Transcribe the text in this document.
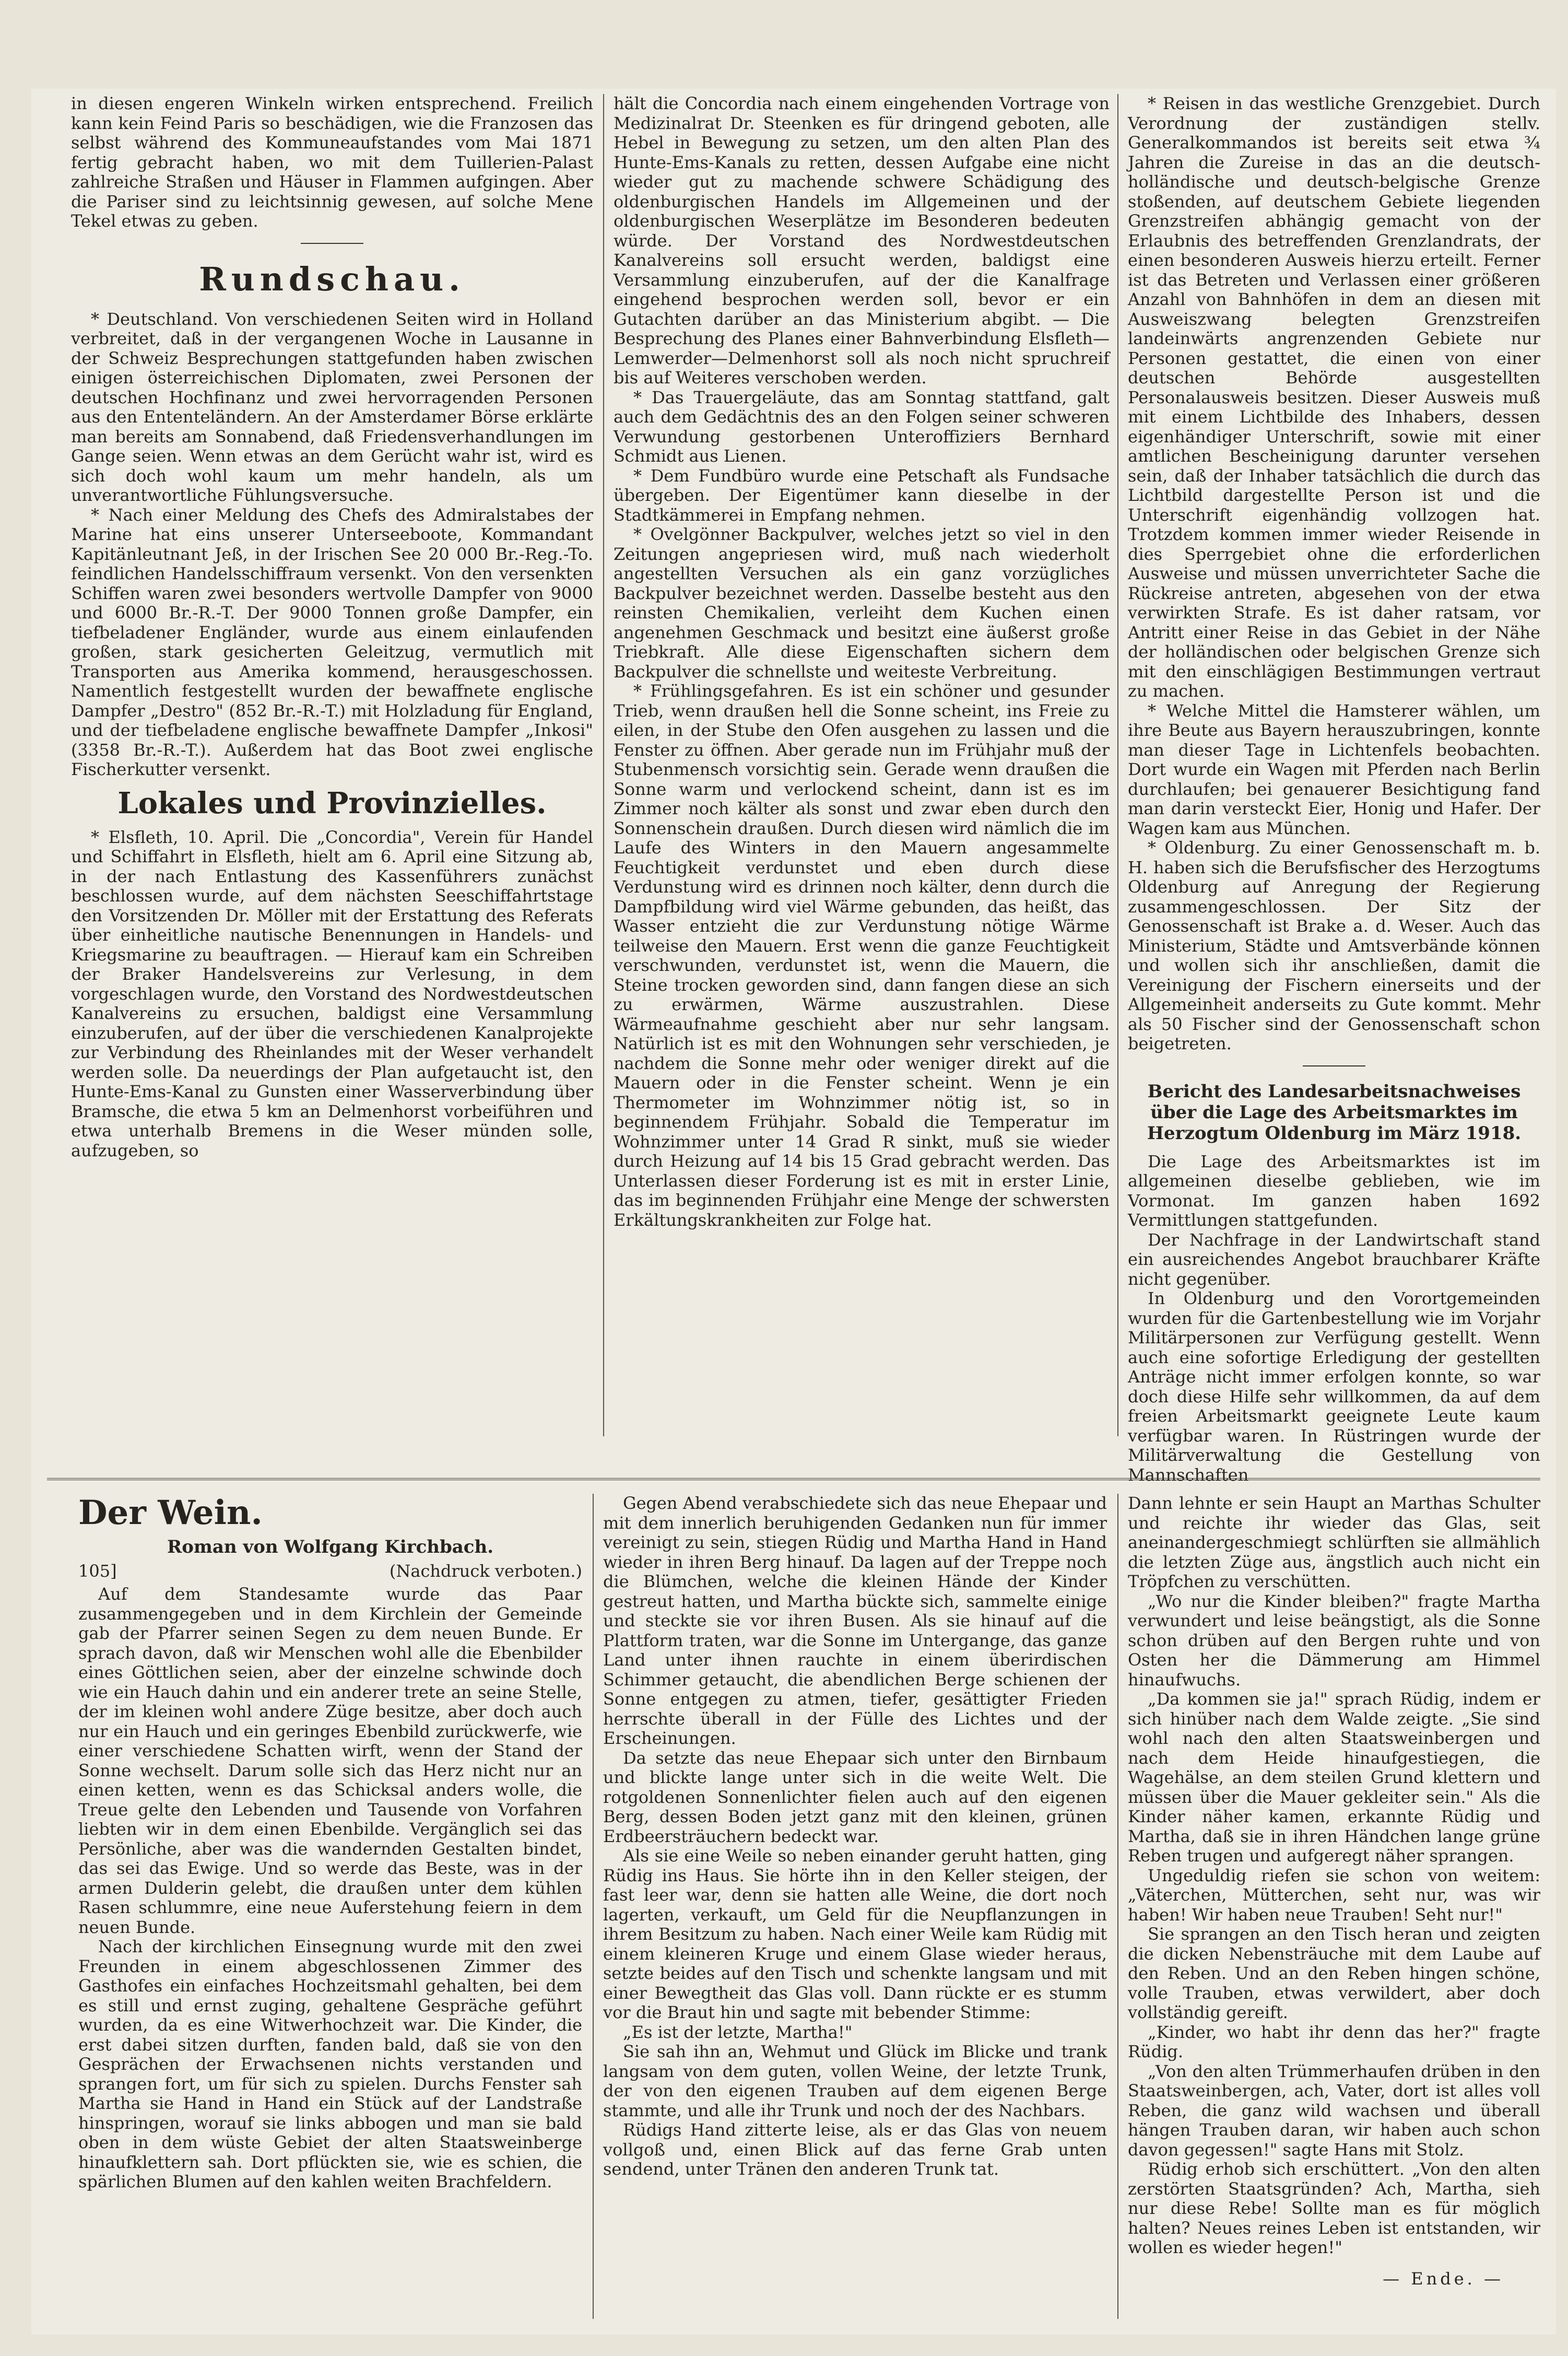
in diesen engeren Winkeln wirken entsprechend. Freilich kann kein Feind Paris so beschädigen, wie die Franzosen das selbst während des Kommuneaufstandes vom Mai 1871 fertig gebracht haben, wo mit dem Tuillerien-Palast zahlreiche Straßen und Häuser in Flammen aufgingen. Aber die Pariser sind zu leichtsinnig gewesen, auf solche Mene Tekel etwas zu geben.

Rundschau.

* Deutschland. Von verschiedenen Seiten wird in Holland verbreitet, daß in der vergangenen Woche in Lausanne in der Schweiz Besprechungen stattgefunden haben zwischen einigen österreichischen Diplomaten, zwei Personen der deutschen Hochfinanz und zwei hervorragenden Personen aus den Ententeländern. An der Amsterdamer Börse erklärte man bereits am Sonnabend, daß Friedensverhandlungen im Gange seien. Wenn etwas an dem Gerücht wahr ist, wird es sich doch wohl kaum um mehr handeln, als um unverantwortliche Fühlungsversuche.

* Nach einer Meldung des Chefs des Admiralstabes der Marine hat eins unserer Unterseeboote, Kommandant Kapitänleutnant Jeß, in der Irischen See 20 000 Br.-Reg.-To. feindlichen Handelsschiffraum versenkt. Von den versenkten Schiffen waren zwei besonders wertvolle Dampfer von 9000 und 6000 Br.-R.-T. Der 9000 Tonnen große Dampfer, ein tiefbeladener Engländer, wurde aus einem einlaufenden großen, stark gesicherten Geleitzug, vermutlich mit Transporten aus Amerika kommend, herausgeschossen. Namentlich festgestellt wurden der bewaffnete englische Dampfer „Destro" (852 Br.-R.-T.) mit Holzladung für England, und der tiefbeladene englische bewaffnete Dampfer „Inkosi" (3358 Br.-R.-T.). Außerdem hat das Boot zwei englische Fischerkutter versenkt.

Lokales und Provinzielles.

* Elsfleth, 10. April. Die „Concordia", Verein für Handel und Schiffahrt in Elsfleth, hielt am 6. April eine Sitzung ab, in der nach Entlastung des Kassenführers zunächst beschlossen wurde, auf dem nächsten Seeschiffahrtstage den Vorsitzenden Dr. Möller mit der Erstattung des Referats über einheitliche nautische Benennungen in Handels- und Kriegsmarine zu beauftragen. — Hierauf kam ein Schreiben der Braker Handelsvereins zur Verlesung, in dem vorgeschlagen wurde, den Vorstand des Nordwestdeutschen Kanalvereins zu ersuchen, baldigst eine Versammlung einzuberufen, auf der über die verschiedenen Kanalprojekte zur Verbindung des Rheinlandes mit der Weser verhandelt werden solle. Da neuerdings der Plan aufgetaucht ist, den Hunte-Ems-Kanal zu Gunsten einer Wasserverbindung über Bramsche, die etwa 5 km an Delmenhorst vorbeiführen und etwa unterhalb Bremens in die Weser münden solle, aufzugeben, so

hält die Concordia nach einem eingehenden Vortrage von Medizinalrat Dr. Steenken es für dringend geboten, alle Hebel in Bewegung zu setzen, um den alten Plan des Hunte-Ems-Kanals zu retten, dessen Aufgabe eine nicht wieder gut zu machende schwere Schädigung des oldenburgischen Handels im Allgemeinen und der oldenburgischen Weserplätze im Besonderen bedeuten würde. Der Vorstand des Nordwestdeutschen Kanalvereins soll ersucht werden, baldigst eine Versammlung einzuberufen, auf der die Kanalfrage eingehend besprochen werden soll, bevor er ein Gutachten darüber an das Ministerium abgibt. — Die Besprechung des Planes einer Bahnverbindung Elsfleth—Lemwerder—Delmenhorst soll als noch nicht spruchreif bis auf Weiteres verschoben werden.

* Das Trauergeläute, das am Sonntag stattfand, galt auch dem Gedächtnis des an den Folgen seiner schweren Verwundung gestorbenen Unteroffiziers Bernhard Schmidt aus Lienen.

* Dem Fundbüro wurde eine Petschaft als Fundsache übergeben. Der Eigentümer kann dieselbe in der Stadtkämmerei in Empfang nehmen.

* Ovelgönner Backpulver, welches jetzt so viel in den Zeitungen angepriesen wird, muß nach wiederholt angestellten Versuchen als ein ganz vorzügliches Backpulver bezeichnet werden. Dasselbe besteht aus den reinsten Chemikalien, verleiht dem Kuchen einen angenehmen Geschmack und besitzt eine äußerst große Triebkraft. Alle diese Eigenschaften sichern dem Backpulver die schnellste und weiteste Verbreitung.

* Frühlingsgefahren. Es ist ein schöner und gesunder Trieb, wenn draußen hell die Sonne scheint, ins Freie zu eilen, in der Stube den Ofen ausgehen zu lassen und die Fenster zu öffnen. Aber gerade nun im Frühjahr muß der Stubenmensch vorsichtig sein. Gerade wenn draußen die Sonne warm und verlockend scheint, dann ist es im Zimmer noch kälter als sonst und zwar eben durch den Sonnenschein draußen. Durch diesen wird nämlich die im Laufe des Winters in den Mauern angesammelte Feuchtigkeit verdunstet und eben durch diese Verdunstung wird es drinnen noch kälter, denn durch die Dampfbildung wird viel Wärme gebunden, das heißt, das Wasser entzieht die zur Verdunstung nötige Wärme teilweise den Mauern. Erst wenn die ganze Feuchtigkeit verschwunden, verdunstet ist, wenn die Mauern, die Steine trocken geworden sind, dann fangen diese an sich zu erwärmen, Wärme auszustrahlen. Diese Wärmeaufnahme geschieht aber nur sehr langsam. Natürlich ist es mit den Wohnungen sehr verschieden, je nachdem die Sonne mehr oder weniger direkt auf die Mauern oder in die Fenster scheint. Wenn je ein Thermometer im Wohnzimmer nötig ist, so in beginnendem Frühjahr. Sobald die Temperatur im Wohnzimmer unter 14 Grad R sinkt, muß sie wieder durch Heizung auf 14 bis 15 Grad gebracht werden. Das Unterlassen dieser Forderung ist es mit in erster Linie, das im beginnenden Frühjahr eine Menge der schwersten Erkältungskrankheiten zur Folge hat.

* Reisen in das westliche Grenzgebiet. Durch Verordnung der zuständigen stellv. Generalkommandos ist bereits seit etwa ¾ Jahren die Zureise in das an die deutsch-holländische und deutsch-belgische Grenze stoßenden, auf deutschem Gebiete liegenden Grenzstreifen abhängig gemacht von der Erlaubnis des betreffenden Grenzlandrats, der einen besonderen Ausweis hierzu erteilt. Ferner ist das Betreten und Verlassen einer größeren Anzahl von Bahnhöfen in dem an diesen mit Ausweiszwang belegten Grenzstreifen landeinwärts angrenzenden Gebiete nur Personen gestattet, die einen von einer deutschen Behörde ausgestellten Personalausweis besitzen. Dieser Ausweis muß mit einem Lichtbilde des Inhabers, dessen eigenhändiger Unterschrift, sowie mit einer amtlichen Bescheinigung darunter versehen sein, daß der Inhaber tatsächlich die durch das Lichtbild dargestellte Person ist und die Unterschrift eigenhändig vollzogen hat. Trotzdem kommen immer wieder Reisende in dies Sperrgebiet ohne die erforderlichen Ausweise und müssen unverrichteter Sache die Rückreise antreten, abgesehen von der etwa verwirkten Strafe. Es ist daher ratsam, vor Antritt einer Reise in das Gebiet in der Nähe der holländischen oder belgischen Grenze sich mit den einschlägigen Bestimmungen vertraut zu machen.

* Welche Mittel die Hamsterer wählen, um ihre Beute aus Bayern herauszubringen, konnte man dieser Tage in Lichtenfels beobachten. Dort wurde ein Wagen mit Pferden nach Berlin durchlaufen; bei genauerer Besichtigung fand man darin versteckt Eier, Honig und Hafer. Der Wagen kam aus München.

* Oldenburg. Zu einer Genossenschaft m. b. H. haben sich die Berufsfischer des Herzogtums Oldenburg auf Anregung der Regierung zusammengeschlossen. Der Sitz der Genossenschaft ist Brake a. d. Weser. Auch das Ministerium, Städte und Amtsverbände können und wollen sich ihr anschließen, damit die Vereinigung der Fischern einerseits und der Allgemeinheit anderseits zu Gute kommt. Mehr als 50 Fischer sind der Genossenschaft schon beigetreten.

Bericht des Landesarbeitsnachweises über die Lage des Arbeitsmarktes im Herzogtum Oldenburg im März 1918.

Die Lage des Arbeitsmarktes ist im allgemeinen dieselbe geblieben, wie im Vormonat. Im ganzen haben 1692 Vermittlungen stattgefunden.

Der Nachfrage in der Landwirtschaft stand ein ausreichendes Angebot brauchbarer Kräfte nicht gegenüber.

In Oldenburg und den Vorortgemeinden wurden für die Gartenbestellung wie im Vorjahr Militärpersonen zur Verfügung gestellt. Wenn auch eine sofortige Erledigung der gestellten Anträge nicht immer erfolgen konnte, so war doch diese Hilfe sehr willkommen, da auf dem freien Arbeitsmarkt geeignete Leute kaum verfügbar waren. In Rüstringen wurde der Militärverwaltung die Gestellung von Mannschaften

Der Wein.
Roman von Wolfgang Kirchbach.
105]	(Nachdruck verboten.)

Auf dem Standesamte wurde das Paar zusammengegeben und in dem Kirchlein der Gemeinde gab der Pfarrer seinen Segen zu dem neuen Bunde. Er sprach davon, daß wir Menschen wohl alle die Ebenbilder eines Göttlichen seien, aber der einzelne schwinde doch wie ein Hauch dahin und ein anderer trete an seine Stelle, der im kleinen wohl andere Züge besitze, aber doch auch nur ein Hauch und ein geringes Ebenbild zurückwerfe, wie einer verschiedene Schatten wirft, wenn der Stand der Sonne wechselt. Darum solle sich das Herz nicht nur an einen ketten, wenn es das Schicksal anders wolle, die Treue gelte den Lebenden und Tausende von Vorfahren liebten wir in dem einen Ebenbilde. Vergänglich sei das Persönliche, aber was die wandernden Gestalten bindet, das sei das Ewige. Und so werde das Beste, was in der armen Dulderin gelebt, die draußen unter dem kühlen Rasen schlummre, eine neue Auferstehung feiern in dem neuen Bunde.

Nach der kirchlichen Einsegnung wurde mit den zwei Freunden in einem abgeschlossenen Zimmer des Gasthofes ein einfaches Hochzeitsmahl gehalten, bei dem es still und ernst zuging, gehaltene Gespräche geführt wurden, da es eine Witwerhochzeit war. Die Kinder, die erst dabei sitzen durften, fanden bald, daß sie von den Gesprächen der Erwachsenen nichts verstanden und sprangen fort, um für sich zu spielen. Durchs Fenster sah Martha sie Hand in Hand ein Stück auf der Landstraße hinspringen, worauf sie links abbogen und man sie bald oben in dem wüste Gebiet der alten Staatsweinberge hinaufklettern sah. Dort pflückten sie, wie es schien, die spärlichen Blumen auf den kahlen weiten Brachfeldern.

Gegen Abend verabschiedete sich das neue Ehepaar und mit dem innerlich beruhigenden Gedanken nun für immer vereinigt zu sein, stiegen Rüdig und Martha Hand in Hand wieder in ihren Berg hinauf. Da lagen auf der Treppe noch die Blümchen, welche die kleinen Hände der Kinder gestreut hatten, und Martha bückte sich, sammelte einige und steckte sie vor ihren Busen. Als sie hinauf auf die Plattform traten, war die Sonne im Untergange, das ganze Land unter ihnen rauchte in einem überirdischen Schimmer getaucht, die abendlichen Berge schienen der Sonne entgegen zu atmen, tiefer, gesättigter Frieden herrschte überall in der Fülle des Lichtes und der Erscheinungen.

Da setzte das neue Ehepaar sich unter den Birnbaum und blickte lange unter sich in die weite Welt. Die rotgoldenen Sonnenlichter fielen auch auf den eigenen Berg, dessen Boden jetzt ganz mit den kleinen, grünen Erdbeersträuchern bedeckt war.

Als sie eine Weile so neben einander geruht hatten, ging Rüdig ins Haus. Sie hörte ihn in den Keller steigen, der fast leer war, denn sie hatten alle Weine, die dort noch lagerten, verkauft, um Geld für die Neupflanzungen in ihrem Besitzum zu haben. Nach einer Weile kam Rüdig mit einem kleineren Kruge und einem Glase wieder heraus, setzte beides auf den Tisch und schenkte langsam und mit einer Bewegtheit das Glas voll. Dann rückte er es stumm vor die Braut hin und sagte mit bebender Stimme:

„Es ist der letzte, Martha!"

Sie sah ihn an, Wehmut und Glück im Blicke und trank langsam von dem guten, vollen Weine, der letzte Trunk, der von den eigenen Trauben auf dem eigenen Berge stammte, und alle ihr Trunk und noch der des Nachbars.

Rüdigs Hand zitterte leise, als er das Glas von neuem vollgoß und, einen Blick auf das ferne Grab unten sendend, unter Tränen den anderen Trunk tat.

Dann lehnte er sein Haupt an Marthas Schulter und reichte ihr wieder das Glas, seit aneinandergeschmiegt schlürften sie allmählich die letzten Züge aus, ängstlich auch nicht ein Tröpfchen zu verschütten.

„Wo nur die Kinder bleiben?" fragte Martha verwundert und leise beängstigt, als die Sonne schon drüben auf den Bergen ruhte und von Osten her die Dämmerung am Himmel hinaufwuchs.

„Da kommen sie ja!" sprach Rüdig, indem er sich hinüber nach dem Walde zeigte. „Sie sind wohl nach den alten Staatsweinbergen und nach dem Heide hinaufgestiegen, die Wagehälse, an dem steilen Grund klettern und müssen über die Mauer gekleiter sein." Als die Kinder näher kamen, erkannte Rüdig und Martha, daß sie in ihren Händchen lange grüne Reben trugen und aufgeregt näher sprangen.

Ungeduldig riefen sie schon von weitem: „Väterchen, Mütterchen, seht nur, was wir haben! Wir haben neue Trauben! Seht nur!"

Sie sprangen an den Tisch heran und zeigten die dicken Nebensträuche mit dem Laube auf den Reben. Und an den Reben hingen schöne, volle Trauben, etwas verwildert, aber doch vollständig gereift.

„Kinder, wo habt ihr denn das her?" fragte Rüdig.

„Von den alten Trümmerhaufen drüben in den Staatsweinbergen, ach, Vater, dort ist alles voll Reben, die ganz wild wachsen und überall hängen Trauben daran, wir haben auch schon davon gegessen!" sagte Hans mit Stolz.

Rüdig erhob sich erschüttert. „Von den alten zerstörten Staatsgründen? Ach, Martha, sieh nur diese Rebe! Sollte man es für möglich halten? Neues reines Leben ist entstanden, wir wollen es wieder hegen!"

— Ende. —
